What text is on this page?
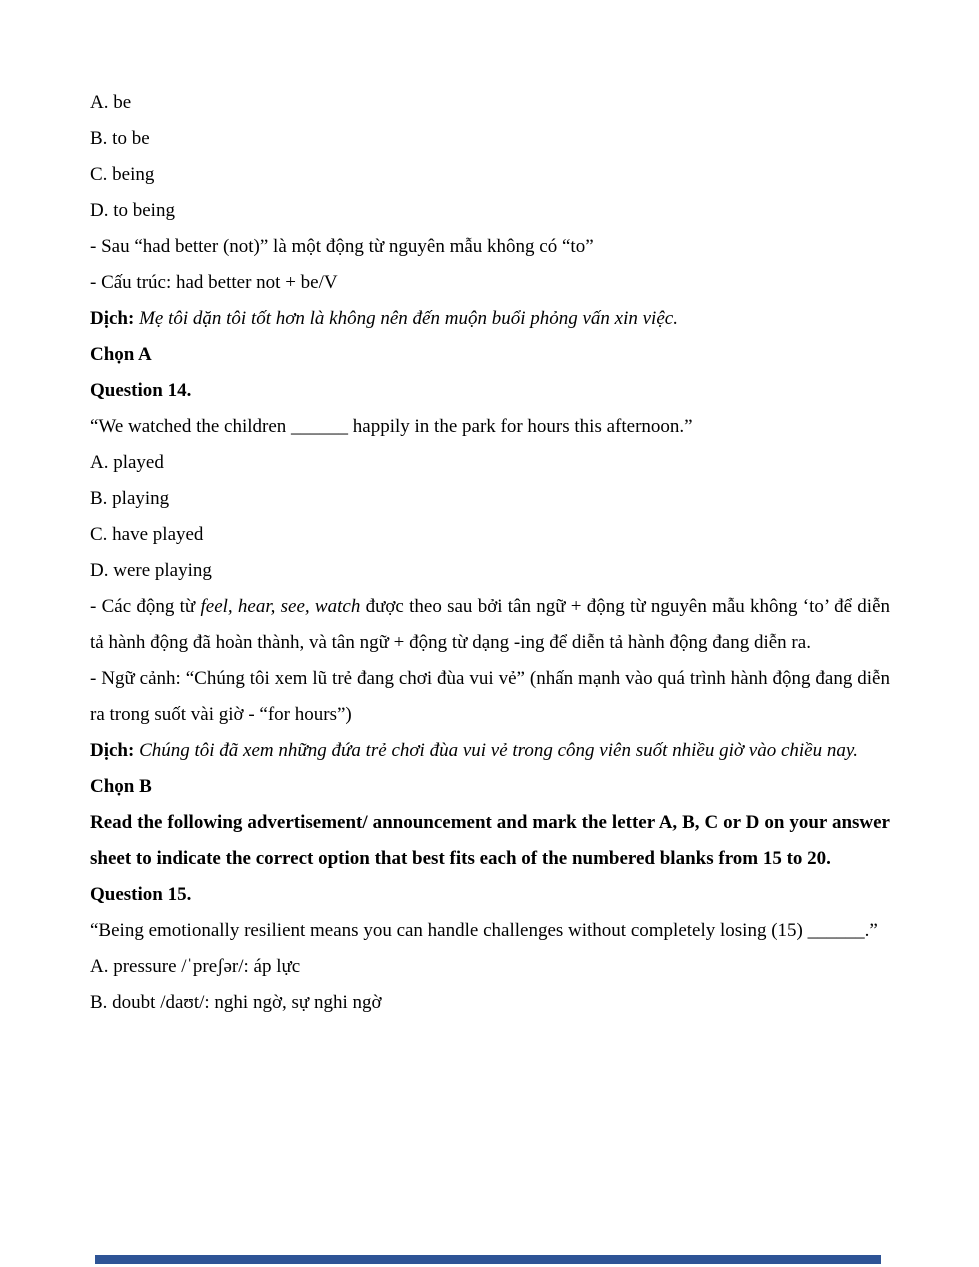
A. be

B. to be

C. being

D. to being

- Sau “had better (not)” là một động từ nguyên mẫu không có “to”

- Cấu trúc: had better not + be/V

Dịch: Mẹ tôi dặn tôi tốt hơn là không nên đến muộn buổi phỏng vấn xin việc.

Chọn A

Question 14.

“We watched the children ______ happily in the park for hours this afternoon.”

A. played

B. playing

C. have played

D. were playing

- Các động từ feel, hear, see, watch được theo sau bởi tân ngữ + động từ nguyên mẫu không ‘to’ để diễn tả hành động đã hoàn thành, và tân ngữ + động từ dạng -ing để diễn tả hành động đang diễn ra.

- Ngữ cảnh: “Chúng tôi xem lũ trẻ đang chơi đùa vui vẻ” (nhấn mạnh vào quá trình hành động đang diễn ra trong suốt vài giờ - “for hours”)

Dịch: Chúng tôi đã xem những đứa trẻ chơi đùa vui vẻ trong công viên suốt nhiều giờ vào chiều nay.

Chọn B

Read the following advertisement/ announcement and mark the letter A, B, C or D on your answer sheet to indicate the correct option that best fits each of the numbered blanks from 15 to 20.

Question 15.

“Being emotionally resilient means you can handle challenges without completely losing (15) ______.”

A. pressure /ˈpreʃər/: áp lực

B. doubt /daʊt/: nghi ngờ, sự nghi ngờ
